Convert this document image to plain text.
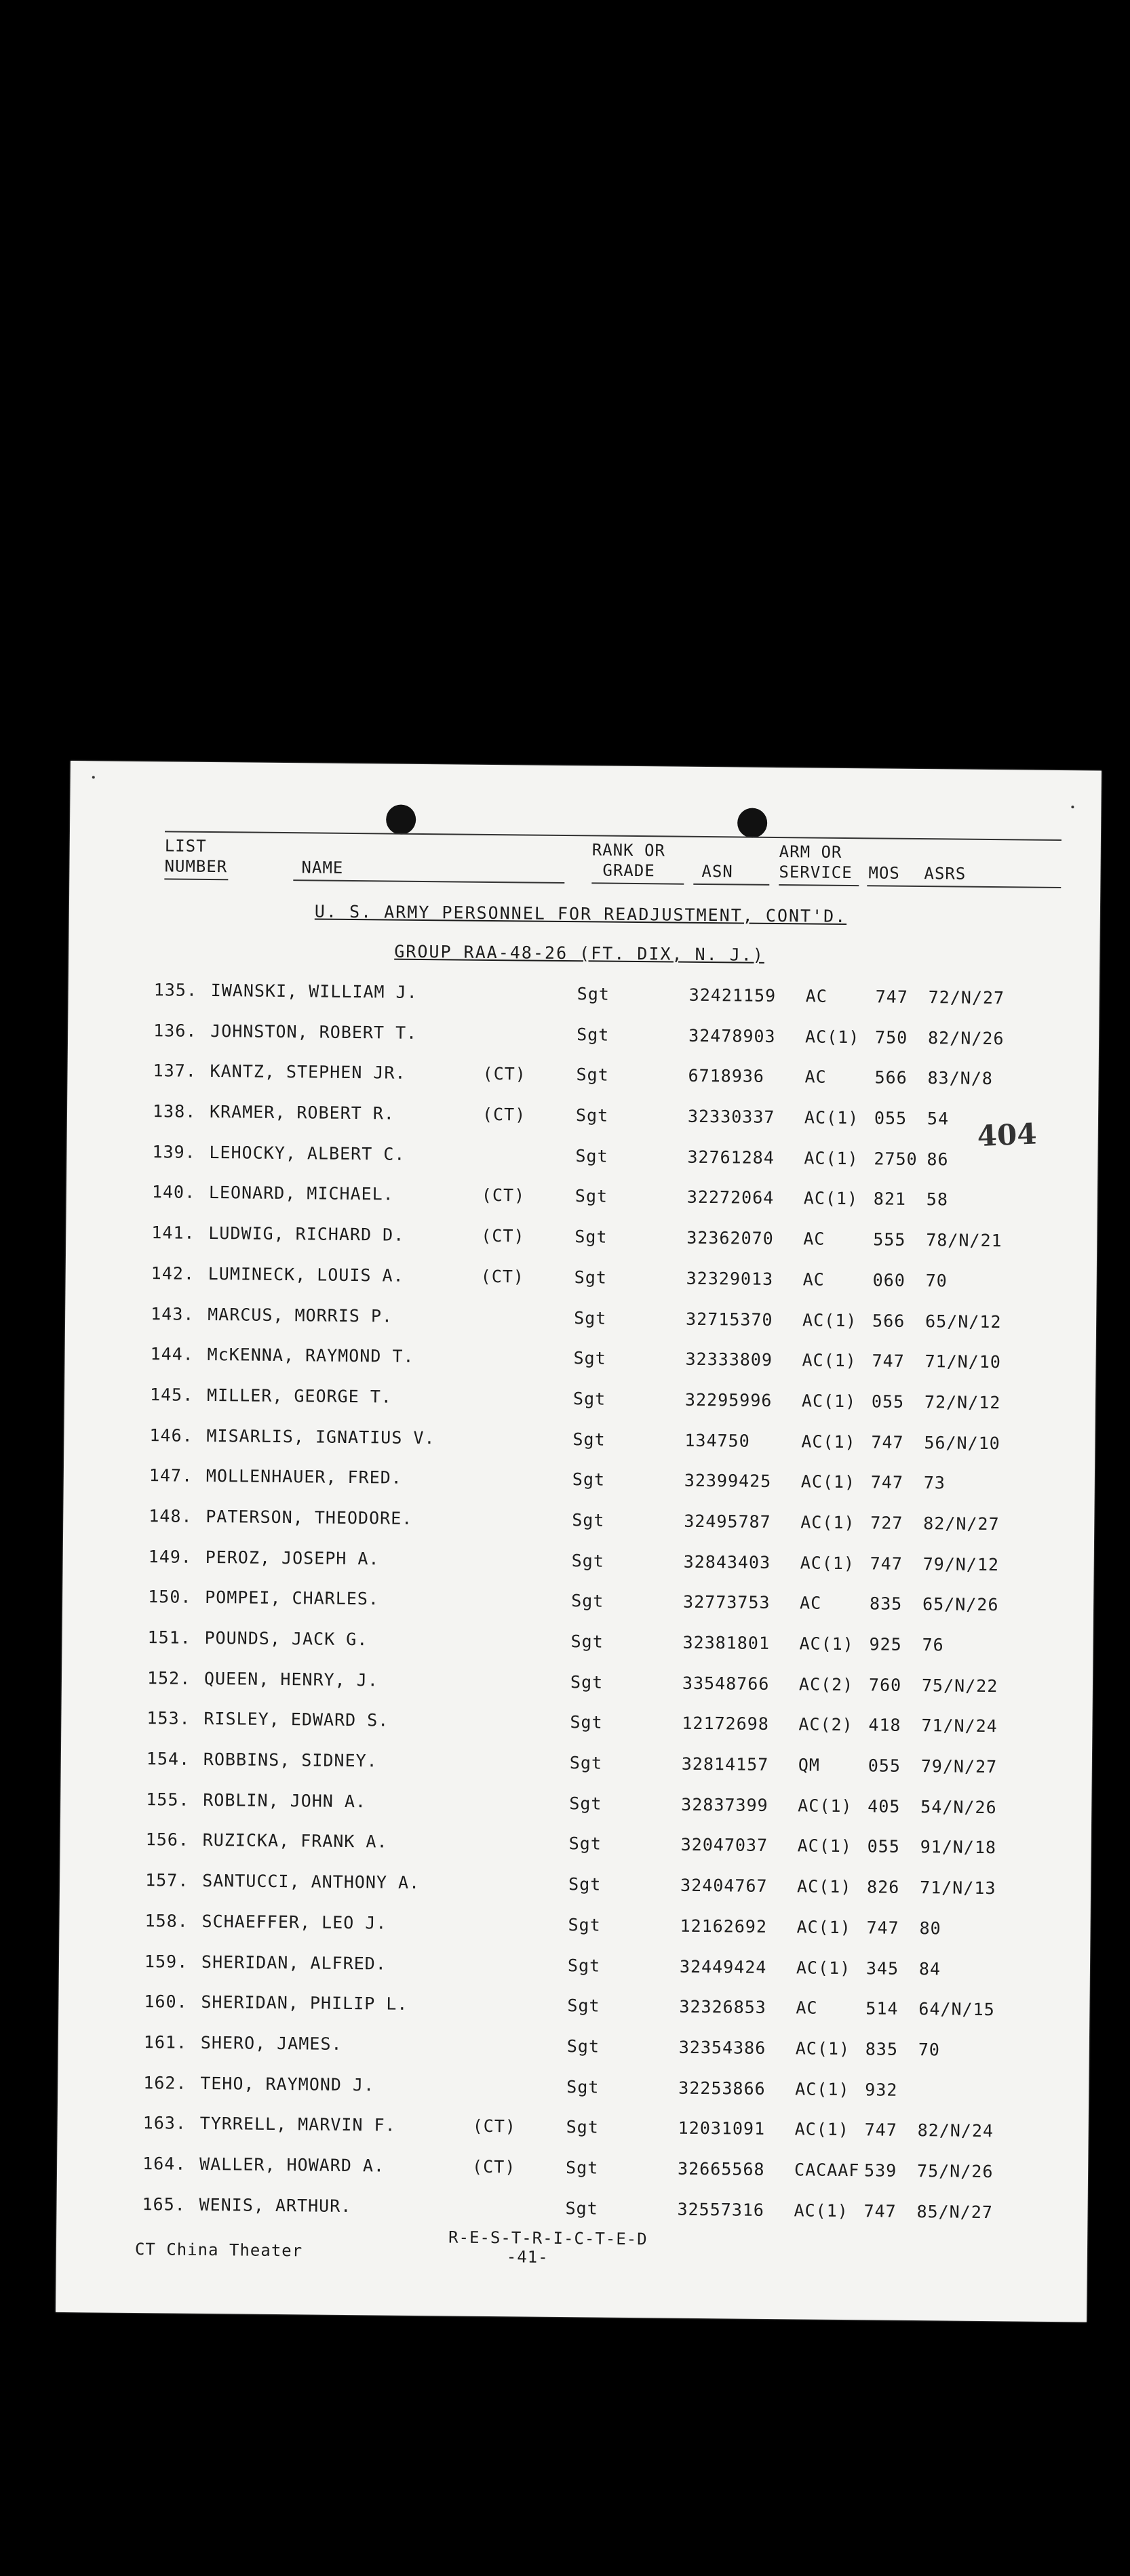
LIST
NUMBER	NAME
RANK OR
GRADE	ASN
ARM OR
SERVICE MOS ASRS
U. S. ARMY PERSONNEL FOR READJUSTMENT, CONT'D.
GROUP RAA-48-26 (FT. DIX, N. J.)
404
135. IWANSKI, WILLIAM J.	Sgt	32421159 AC	747 72/N/27
136. JOHNSTON, ROBERT T.	Sgt	32478903 AC(1) 750 82/N/26
137. KANTZ, STEPHEN JR.	(CT)	Sgt	6718936 AC	566 83/N/8
138. KRAMER, ROBERT R.	(CT)	Sgt	32330337 AC(1) 055 54
139. LEHOCKY, ALBERT C.	Sgt	32761284 AC(1) 2750 86
140. LEONARD, MICHAEL.	(CT)	Sgt	32272064 AC(1) 821 58
141. LUDWIG, RICHARD D.	(CT)	Sgt	32362070 AC	555 78/N/21
142. LUMINECK, LOUIS A.	(CT)	Sgt	32329013 AC	060 70
143. MARCUS, MORRIS P.	Sgt	32715370 AC(1) 566 65/N/12
144. McKENNA, RAYMOND T.	Sgt	32333809 AC(1) 747 71/N/10
145. MILLER, GEORGE T.	Sgt	32295996 AC(1) 055 72/N/12
146. MISARLIS, IGNATIUS V.	Sgt	134750	AC(1) 747 56/N/10
147. MOLLENHAUER, FRED.	Sgt	32399425 AC(1) 747 73
148. PATERSON, THEODORE.	Sgt	32495787 AC(1) 727 82/N/27
149. PEROZ, JOSEPH A.	Sgt	32843403 AC(1) 747 79/N/12
150. POMPEI, CHARLES.	Sgt	32773753 AC	835 65/N/26
151. POUNDS, JACK G.	Sgt	32381801 AC(1) 925 76
152. QUEEN, HENRY, J.	Sgt	33548766 AC(2) 760 75/N/22
153. RISLEY, EDWARD S.	Sgt	12172698 AC(2) 418 71/N/24
154. ROBBINS, SIDNEY.	Sgt	32814157 QM	055 79/N/27
155. ROBLIN, JOHN A.	Sgt	32837399 AC(1) 405 54/N/26
156. RUZICKA, FRANK A.	Sgt	32047037 AC(1) 055 91/N/18
157. SANTUCCI, ANTHONY A.	Sgt	32404767 AC(1) 826 71/N/13
158. SCHAEFFER, LEO J.	Sgt	12162692 AC(1) 747 80
159. SHERIDAN, ALFRED.	Sgt	32449424 AC(1) 345 84
160. SHERIDAN, PHILIP L.	Sgt	32326853 AC	514 64/N/15
161. SHERO, JAMES.	Sgt	32354386 AC(1) 835 70
162. TEHO, RAYMOND J.	Sgt	32253866 AC(1) 932
163. TYRRELL, MARVIN F.	(CT)	Sgt	12031091 AC(1) 747 82/N/24
164. WALLER, HOWARD A.	(CT)	Sgt	32665568 CACAAF 539 75/N/26
165. WENIS, ARTHUR.	Sgt	32557316 AC(1) 747 85/N/27
CT China Theater
R-E-S-T-R-I-C-T-E-D
-41-
